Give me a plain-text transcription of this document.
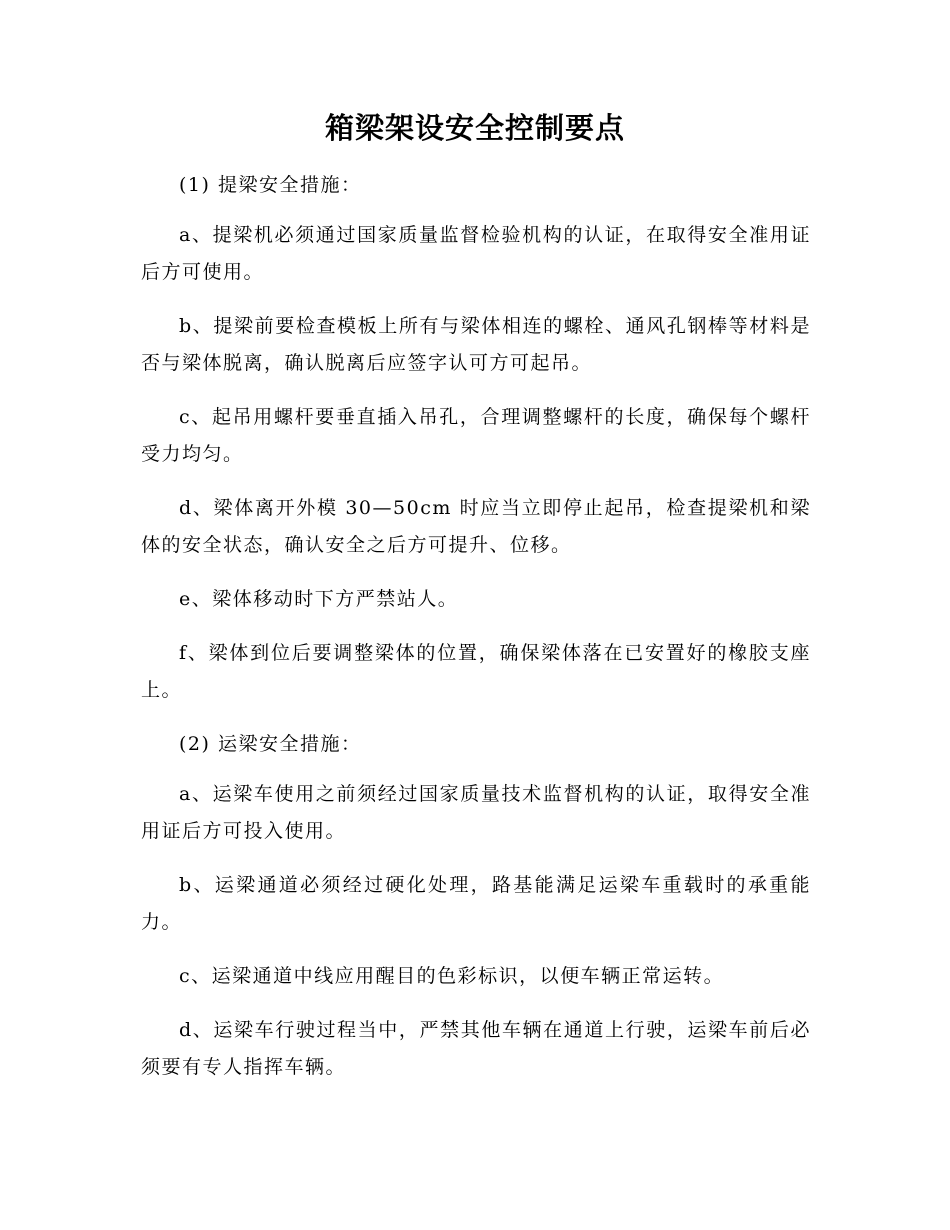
箱梁架设安全控制要点

(1) 提梁安全措施：

a、提梁机必须通过国家质量监督检验机构的认证，在取得安全准用证后方可使用。

b、提梁前要检查模板上所有与梁体相连的螺栓、通风孔钢棒等材料是否与梁体脱离，确认脱离后应签字认可方可起吊。

c、起吊用螺杆要垂直插入吊孔，合理调整螺杆的长度，确保每个螺杆受力均匀。

d、梁体离开外模 30—50cm 时应当立即停止起吊，检查提梁机和梁体的安全状态，确认安全之后方可提升、位移。

e、梁体移动时下方严禁站人。

f、梁体到位后要调整梁体的位置，确保梁体落在已安置好的橡胶支座上。

(2) 运梁安全措施：

a、运梁车使用之前须经过国家质量技术监督机构的认证，取得安全准用证后方可投入使用。

b、运梁通道必须经过硬化处理，路基能满足运梁车重载时的承重能力。

c、运梁通道中线应用醒目的色彩标识，以便车辆正常运转。

d、运梁车行驶过程当中，严禁其他车辆在通道上行驶，运梁车前后必须要有专人指挥车辆。
